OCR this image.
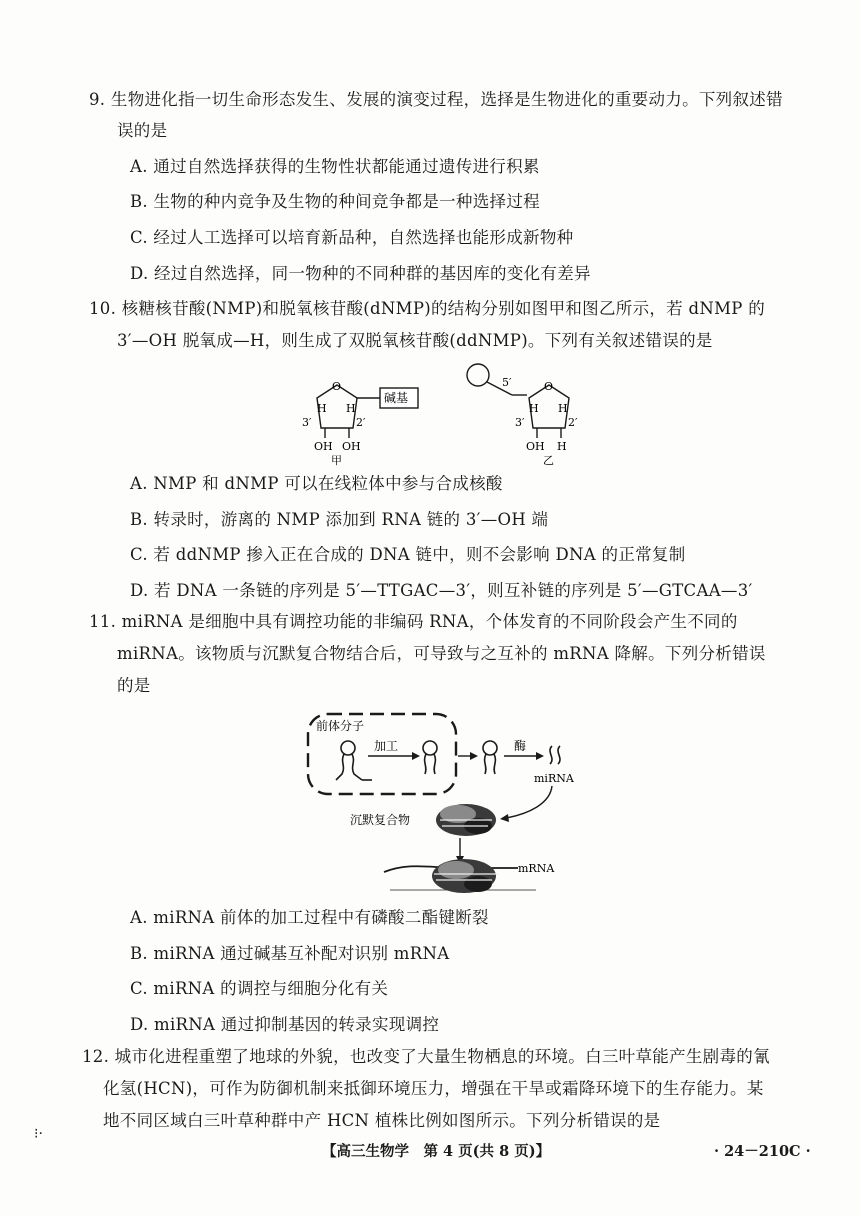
9. 生物进化指一切生命形态发生、发展的演变过程，选择是生物进化的重要动力。下列叙述错
误的是
A. 通过自然选择获得的生物性状都能通过遗传进行积累
B. 生物的种内竞争及生物的种间竞争都是一种选择过程
C. 经过人工选择可以培育新品种，自然选择也能形成新物种
D. 经过自然选择，同一物种的不同种群的基因库的变化有差异
10. 核糖核苷酸(NMP)和脱氧核苷酸(dNMP)的结构分别如图甲和图乙所示，若 dNMP 的
3′—OH 脱氧成—H，则生成了双脱氧核苷酸(ddNMP)。下列有关叙述错误的是
O
碱基
H H
3′	2′
OH OH
甲
5′	O
H H
3′	2′
OH H
乙
A. NMP 和 dNMP 可以在线粒体中参与合成核酸
B. 转录时，游离的 NMP 添加到 RNA 链的 3′—OH 端
C. 若 ddNMP 掺入正在合成的 DNA 链中，则不会影响 DNA 的正常复制
D. 若 DNA 一条链的序列是 5′—TTGAC—3′，则互补链的序列是 5′—GTCAA—3′
11. miRNA 是细胞中具有调控功能的非编码 RNA，个体发育的不同阶段会产生不同的
miRNA。该物质与沉默复合物结合后，可导致与之互补的 mRNA 降解。下列分析错误
的是
前体分子
加工	酶
miRNA
沉默复合物
mRNA
A. miRNA 前体的加工过程中有磷酸二酯键断裂
B. miRNA 通过碱基互补配对识别 mRNA
C. miRNA 的调控与细胞分化有关
D. miRNA 通过抑制基因的转录实现调控
12. 城市化进程重塑了地球的外貌，也改变了大量生物栖息的环境。白三叶草能产生剧毒的氰
化氢(HCN)，可作为防御机制来抵御环境压力，增强在干旱或霜降环境下的生存能力。某
地不同区域白三叶草种群中产 HCN 植株比例如图所示。下列分析错误的是
⁝·
【高三生物学　第 4 页(共 8 页)】	· 24－210C ·
